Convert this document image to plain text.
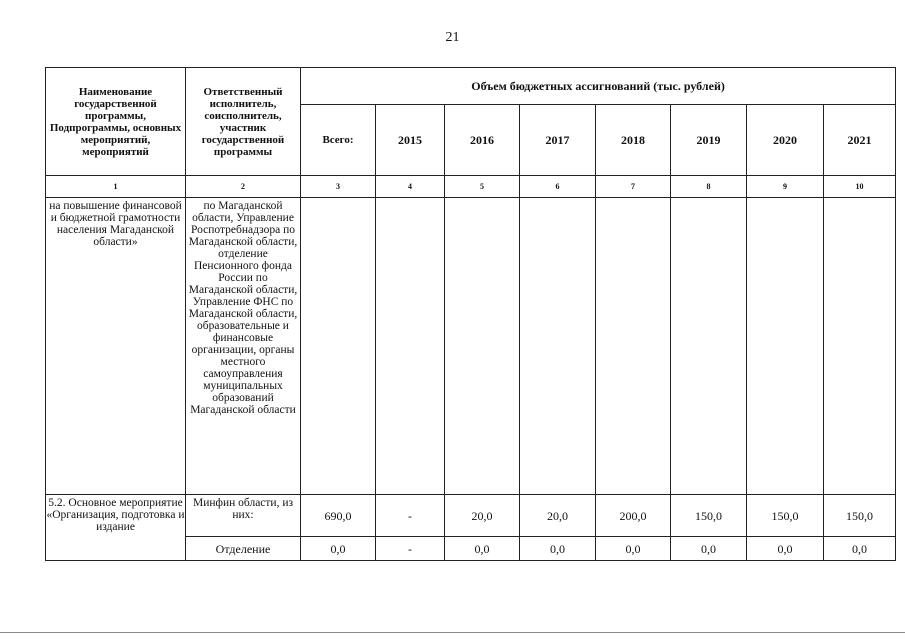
21
Наименование государственной программы, Подпрограммы, основных мероприятий, мероприятий	Ответственный исполнитель, соисполнитель, участник государственной программы	Объем бюджетных ассигнований (тыс. рублей)							
		Всего:	2015	2016	2017	2018	2019	2020	2021
1	2	3	4	5	6	7	8	9	10
на повышение финансовой и бюджетной грамотности населения Магаданской области»	по Магаданской области, Управление Роспотребнадзора по Магаданской области, отделение Пенсионного фонда России по Магаданской области, Управление ФНС по Магаданской области, образовательные и финансовые организации, органы местного самоуправления муниципальных образований Магаданской области								
5.2. Основное мероприятие «Организация, подготовка и издание	Минфин области, из них:	690,0	-	20,0	20,0	200,0	150,0	150,0	150,0
	Отделение	0,0	-	0,0	0,0	0,0	0,0	0,0	0,0
